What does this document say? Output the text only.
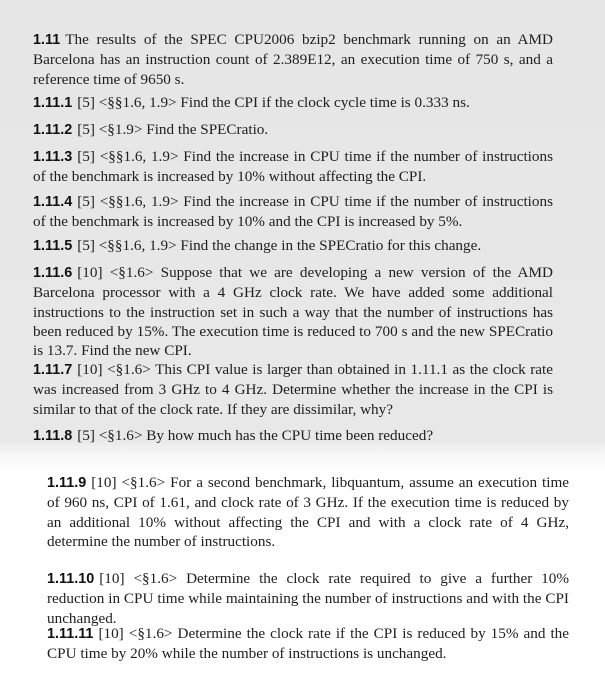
1.11 The results of the SPEC CPU2006 bzip2 benchmark running on an AMD Barcelona has an instruction count of 2.389E12, an execution time of 750 s, and a reference time of 9650 s.
1.11.1 [5] <§§1.6, 1.9> Find the CPI if the clock cycle time is 0.333 ns.
1.11.2 [5] <§1.9> Find the SPECratio.
1.11.3 [5] <§§1.6, 1.9> Find the increase in CPU time if the number of instructions of the benchmark is increased by 10% without affecting the CPI.
1.11.4 [5] <§§1.6, 1.9> Find the increase in CPU time if the number of instructions of the benchmark is increased by 10% and the CPI is increased by 5%.
1.11.5 [5] <§§1.6, 1.9> Find the change in the SPECratio for this change.
1.11.6 [10] <§1.6> Suppose that we are developing a new version of the AMD Barcelona processor with a 4 GHz clock rate. We have added some additional instructions to the instruction set in such a way that the number of instructions has been reduced by 15%. The execution time is reduced to 700 s and the new SPECratio is 13.7. Find the new CPI.
1.11.7 [10] <§1.6> This CPI value is larger than obtained in 1.11.1 as the clock rate was increased from 3 GHz to 4 GHz. Determine whether the increase in the CPI is similar to that of the clock rate. If they are dissimilar, why?
1.11.8 [5] <§1.6> By how much has the CPU time been reduced?
1.11.9 [10] <§1.6> For a second benchmark, libquantum, assume an execution time of 960 ns, CPI of 1.61, and clock rate of 3 GHz. If the execution time is reduced by an additional 10% without affecting the CPI and with a clock rate of 4 GHz, determine the number of instructions.
1.11.10 [10] <§1.6> Determine the clock rate required to give a further 10% reduction in CPU time while maintaining the number of instructions and with the CPI unchanged.
1.11.11 [10] <§1.6> Determine the clock rate if the CPI is reduced by 15% and the CPU time by 20% while the number of instructions is unchanged.
